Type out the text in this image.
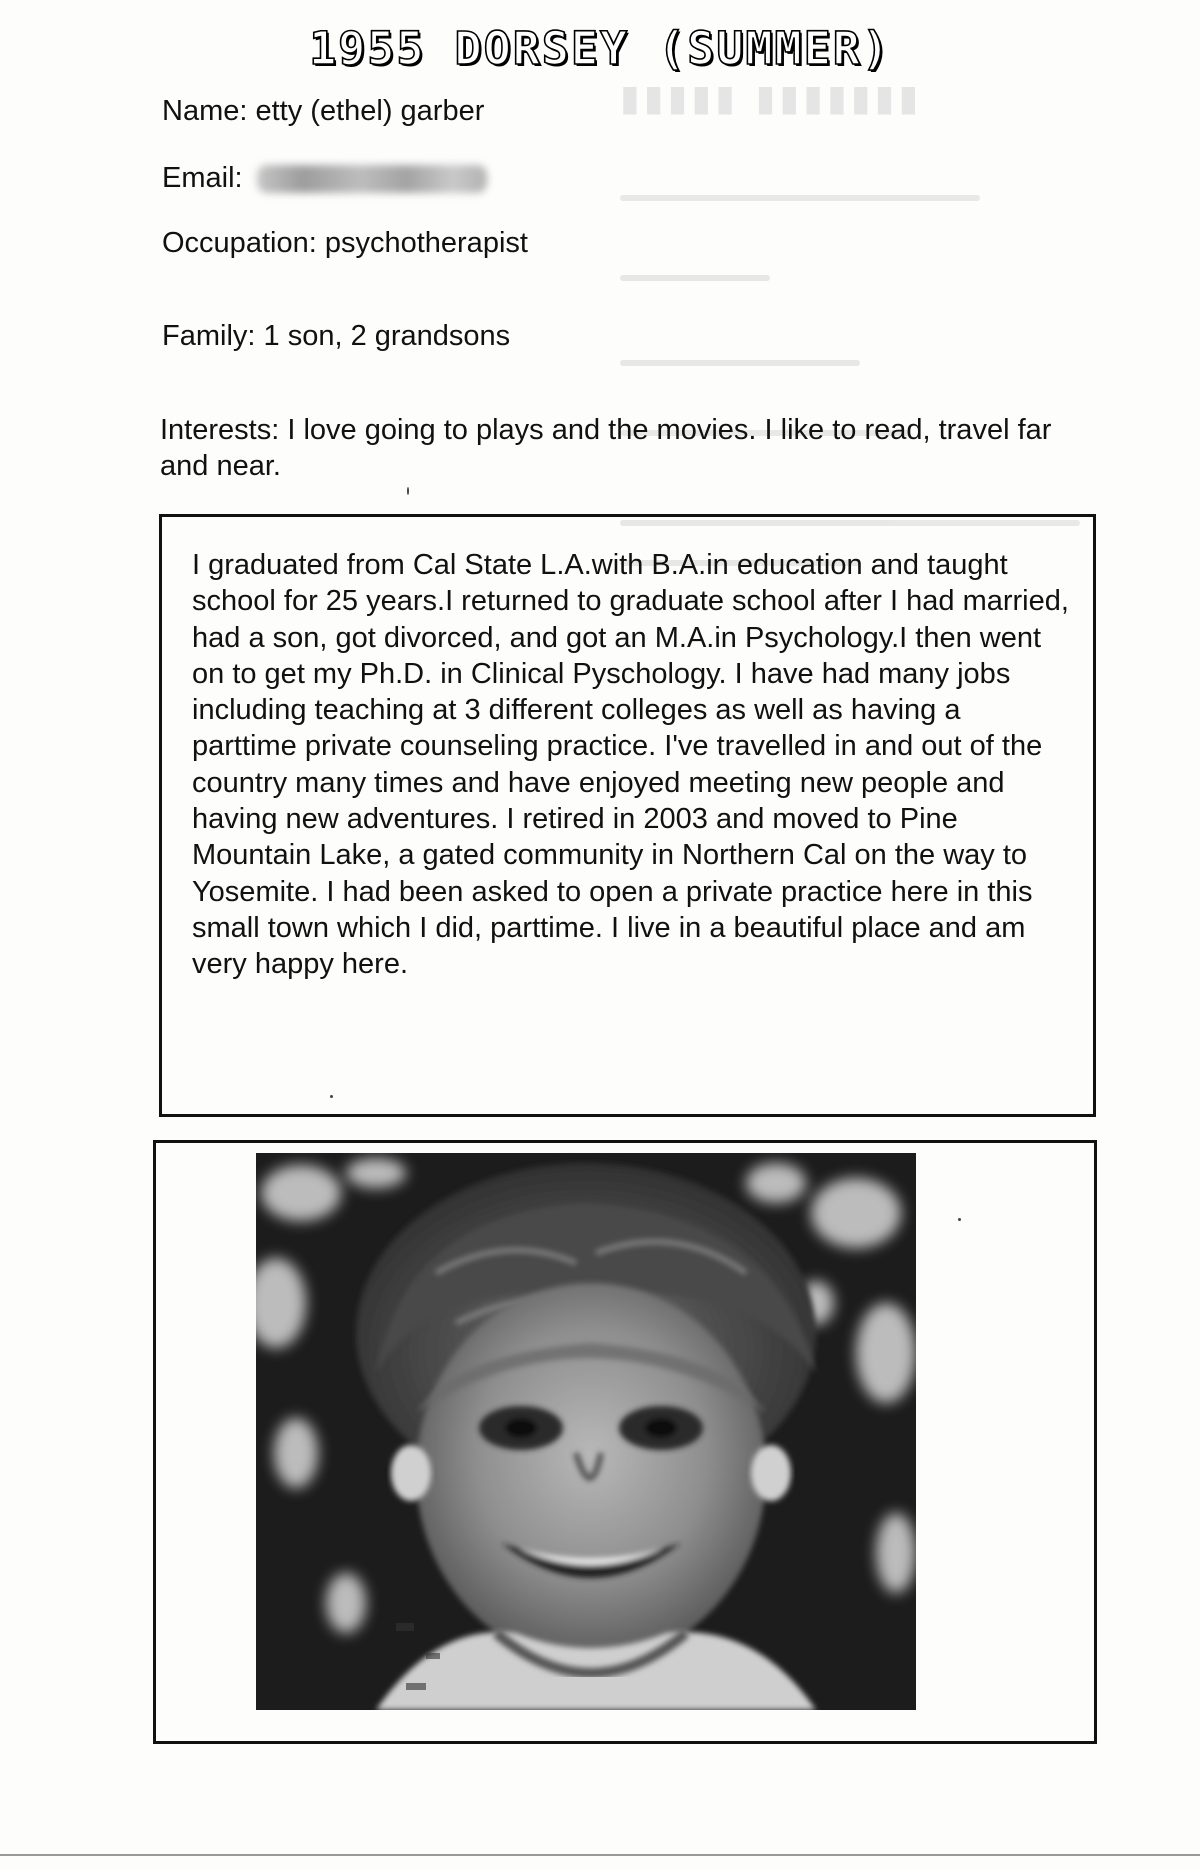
▮▮▮▮▮ ▮▮▮▮▮▮▮
1955 DORSEY (SUMMER)
Name: etty (ethel) garber
Email:
Occupation: psychotherapist
Family: 1 son, 2 grandsons
Interests: I love going to plays and the movies. I like to read, travel far and near.
I graduated from Cal State L.A.with B.A.in education and taught school for 25 years.I returned to graduate school after I had married, had a son, got divorced, and got an M.A.in Psychology.I then went on to get my Ph.D. in Clinical Pyschology. I have had many jobs including teaching at 3 different colleges as well as having a parttime private counseling practice. I've travelled in and out of the country many times and have enjoyed meeting new people and having new adventures. I retired in 2003 and moved to Pine Mountain Lake, a gated community in Northern Cal on the way to Yosemite. I had been asked to open a private practice here in this small town which I did, parttime. I live in a beautiful place and am very happy here.
